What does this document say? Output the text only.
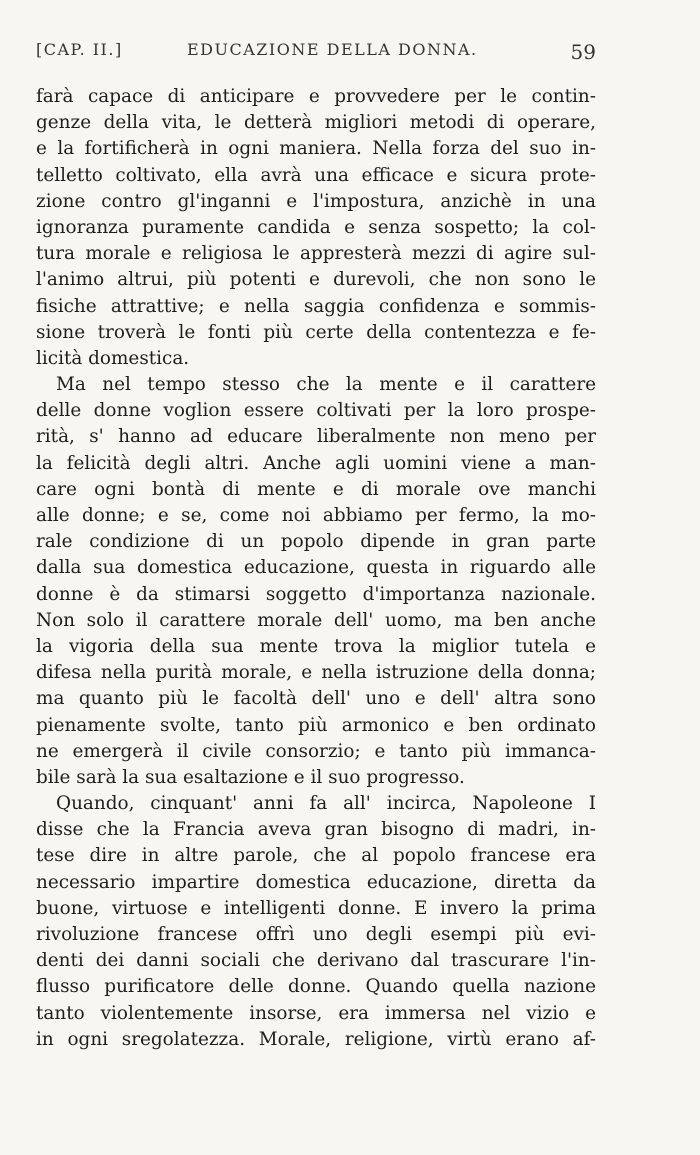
[CAP. II.]	EDUCAZIONE DELLA DONNA.	59
farà capace di anticipare e provvedere per le contin-
genze della vita, le detterà migliori metodi di operare,
e la fortificherà in ogni maniera. Nella forza del suo in-
telletto coltivato, ella avrà una efficace e sicura prote-
zione contro gl'inganni e l'impostura, anzichè in una
ignoranza puramente candida e senza sospetto; la col-
tura morale e religiosa le appresterà mezzi di agire sul-
l'animo altrui, più potenti e durevoli, che non sono le
fisiche attrattive; e nella saggia confidenza e sommis-
sione troverà le fonti più certe della contentezza e fe-
licità domestica.
Ma nel tempo stesso che la mente e il carattere
delle donne voglion essere coltivati per la loro prospe-
rità, s' hanno ad educare liberalmente non meno per
la felicità degli altri. Anche agli uomini viene a man-
care ogni bontà di mente e di morale ove manchi
alle donne; e se, come noi abbiamo per fermo, la mo-
rale condizione di un popolo dipende in gran parte
dalla sua domestica educazione, questa in riguardo alle
donne è da stimarsi soggetto d'importanza nazionale.
Non solo il carattere morale dell' uomo, ma ben anche
la vigoria della sua mente trova la miglior tutela e
difesa nella purità morale, e nella istruzione della donna;
ma quanto più le facoltà dell' uno e dell' altra sono
pienamente svolte, tanto più armonico e ben ordinato
ne emergerà il civile consorzio; e tanto più immanca-
bile sarà la sua esaltazione e il suo progresso.
Quando, cinquant' anni fa all' incirca, Napoleone I
disse che la Francia aveva gran bisogno di madri, in-
tese dire in altre parole, che al popolo francese era
necessario impartire domestica educazione, diretta da
buone, virtuose e intelligenti donne. E invero la prima
rivoluzione francese offrì uno degli esempi più evi-
denti dei danni sociali che derivano dal trascurare l'in-
flusso purificatore delle donne. Quando quella nazione
tanto violentemente insorse, era immersa nel vizio e
in ogni sregolatezza. Morale, religione, virtù erano af-
